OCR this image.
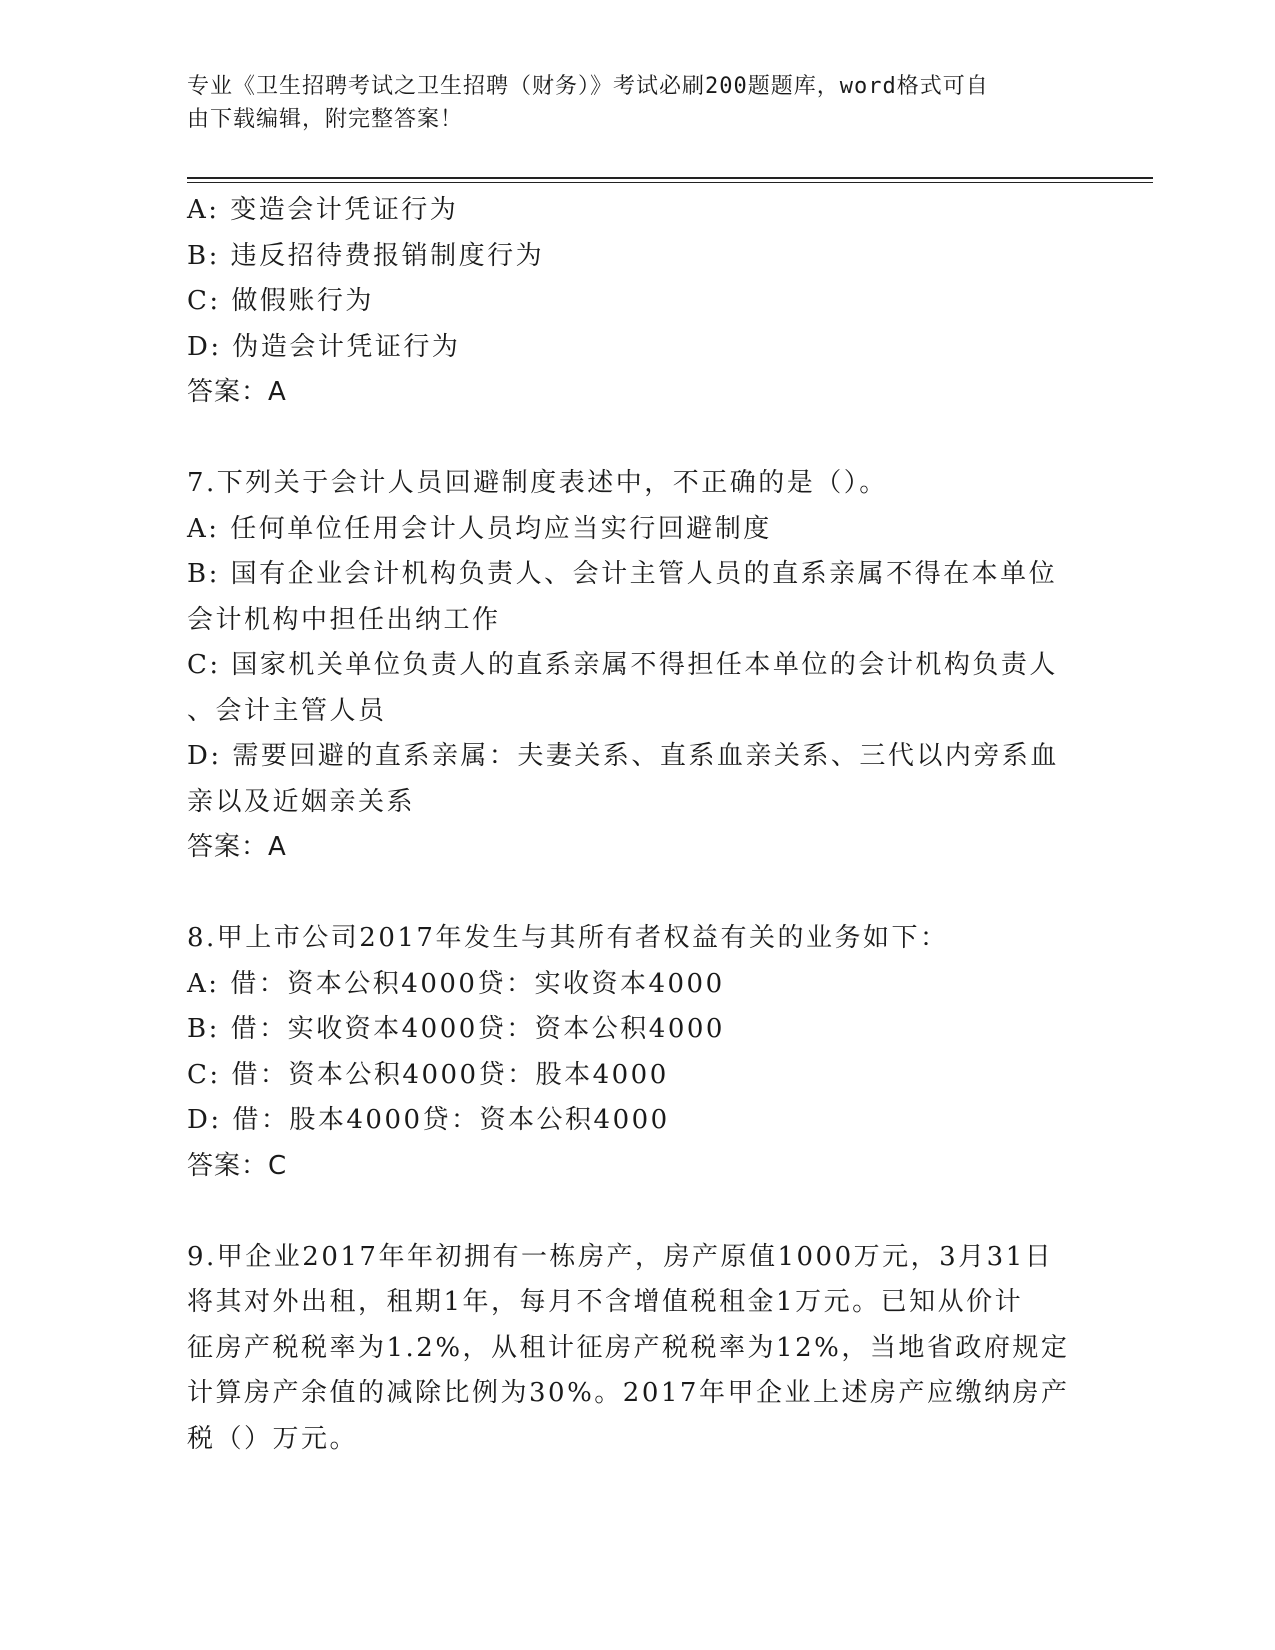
专业《卫生招聘考试之卫生招聘（财务）》考试必刷200题题库，word格式可自
由下载编辑，附完整答案！
A: 变造会计凭证行为
B: 违反招待费报销制度行为
C: 做假账行为
D: 伪造会计凭证行为
答案：A
7.下列关于会计人员回避制度表述中，不正确的是（）。
A: 任何单位任用会计人员均应当实行回避制度
B: 国有企业会计机构负责人、会计主管人员的直系亲属不得在本单位
会计机构中担任出纳工作
C: 国家机关单位负责人的直系亲属不得担任本单位的会计机构负责人
、会计主管人员
D: 需要回避的直系亲属：夫妻关系、直系血亲关系、三代以内旁系血
亲以及近姻亲关系
答案：A
8.甲上市公司2017年发生与其所有者权益有关的业务如下：
A: 借：资本公积4000贷：实收资本4000
B: 借：实收资本4000贷：资本公积4000
C: 借：资本公积4000贷：股本4000
D: 借：股本4000贷：资本公积4000
答案：C
9.甲企业2017年年初拥有一栋房产，房产原值1000万元，3月31日
将其对外出租，租期1年，每月不含增值税租金1万元。已知从价计
征房产税税率为1.2%，从租计征房产税税率为12%，当地省政府规定
计算房产余值的减除比例为30%。2017年甲企业上述房产应缴纳房产
税（）万元。
